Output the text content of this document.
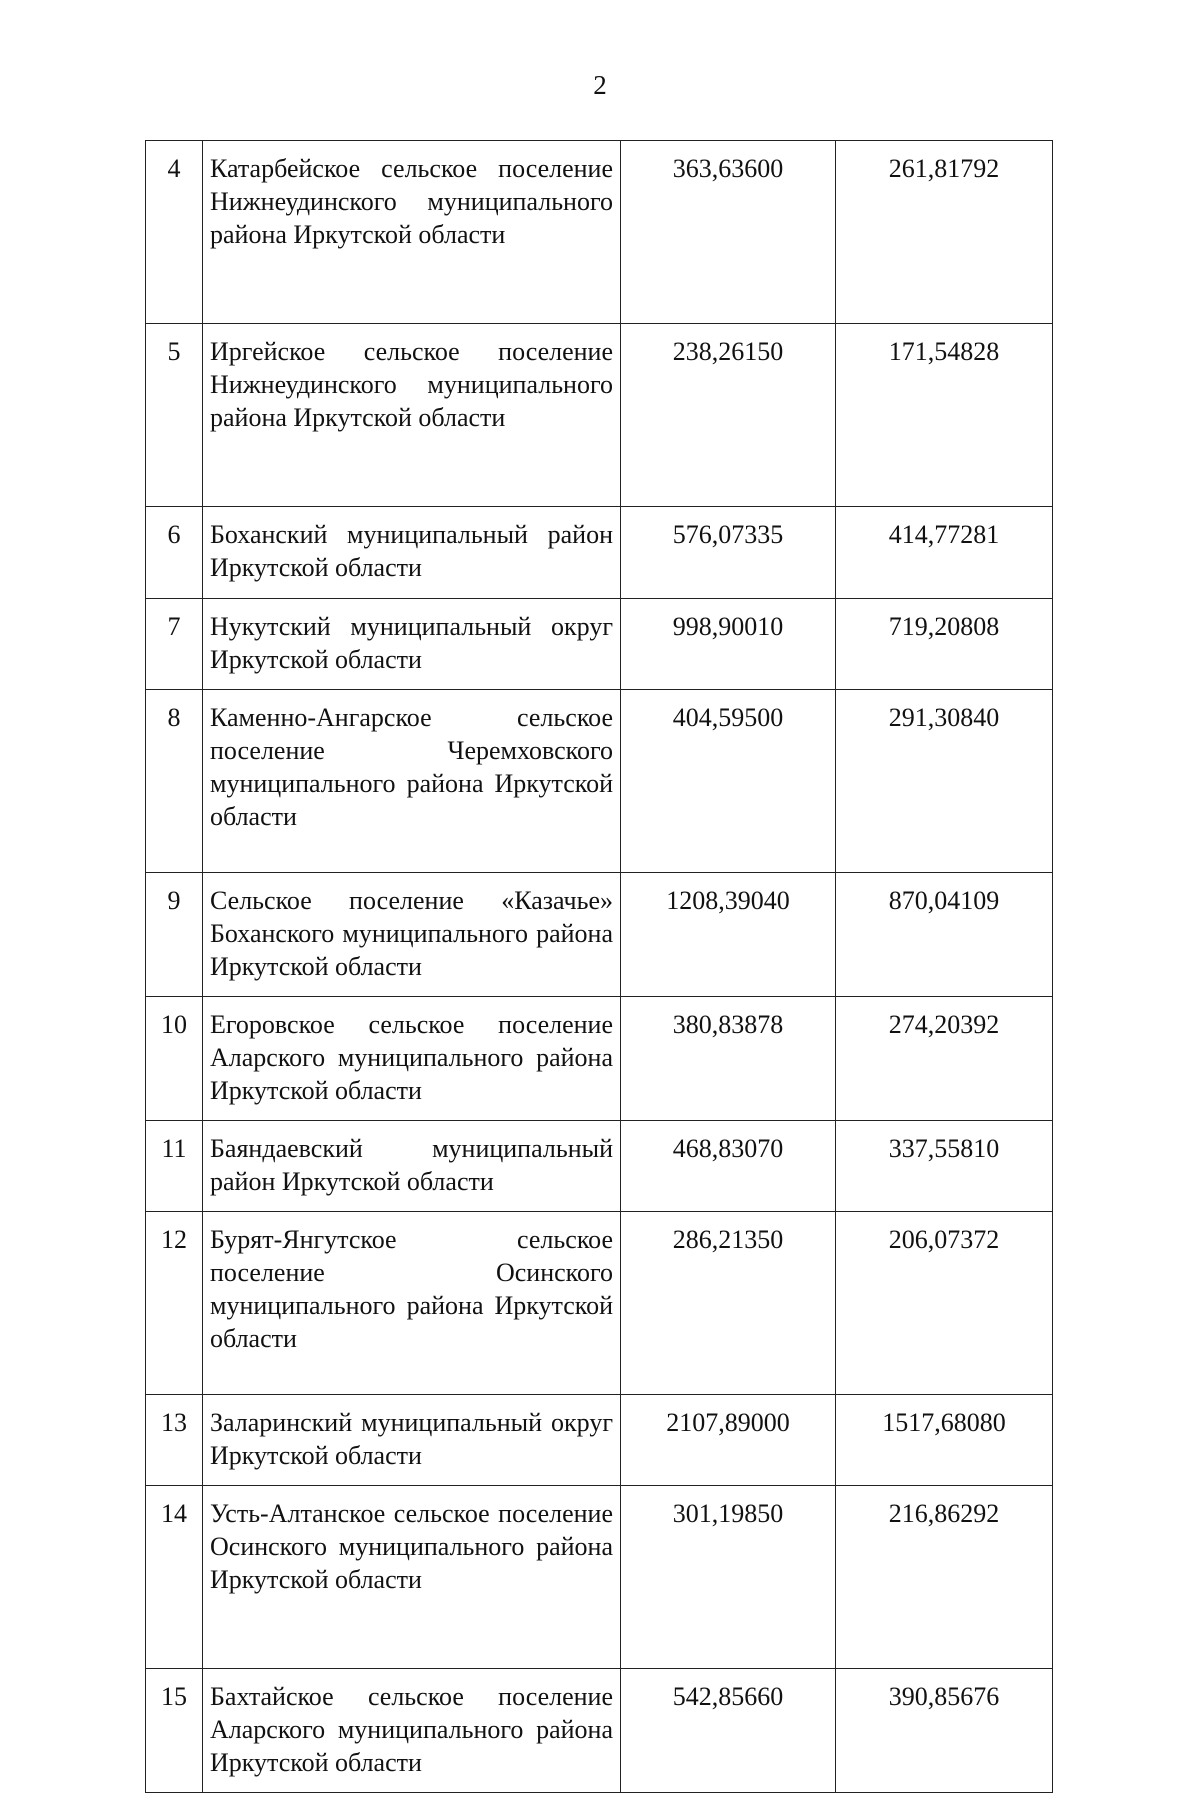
2
4	Катарбейское сельское поселение Нижнеудинского муниципального района Иркутской области	363,63600	261,81792
5	Иргейское сельское поселение Нижнеудинского муниципального района Иркутской области	238,26150	171,54828
6	Боханский муниципальный район Иркутской области	576,07335	414,77281
7	Нукутский муниципальный округ Иркутской области	998,90010	719,20808
8	Каменно-Ангарское сельское поселение Черемховского муниципального района Иркутской области	404,59500	291,30840
9	Сельское поселение «Казачье» Боханского муниципального района Иркутской области	1208,39040	870,04109
10	Егоровское сельское поселение Аларского муниципального района Иркутской области	380,83878	274,20392
11	Баяндаевский муниципальный район Иркутской области	468,83070	337,55810
12	Бурят-Янгутское сельское поселение Осинского муниципального района Иркутской области	286,21350	206,07372
13	Заларинский муниципальный округ Иркутской области	2107,89000	1517,68080
14	Усть-Алтанское сельское поселение Осинского муниципального района Иркутской области	301,19850	216,86292
15	Бахтайское сельское поселение Аларского муниципального района Иркутской области	542,85660	390,85676
